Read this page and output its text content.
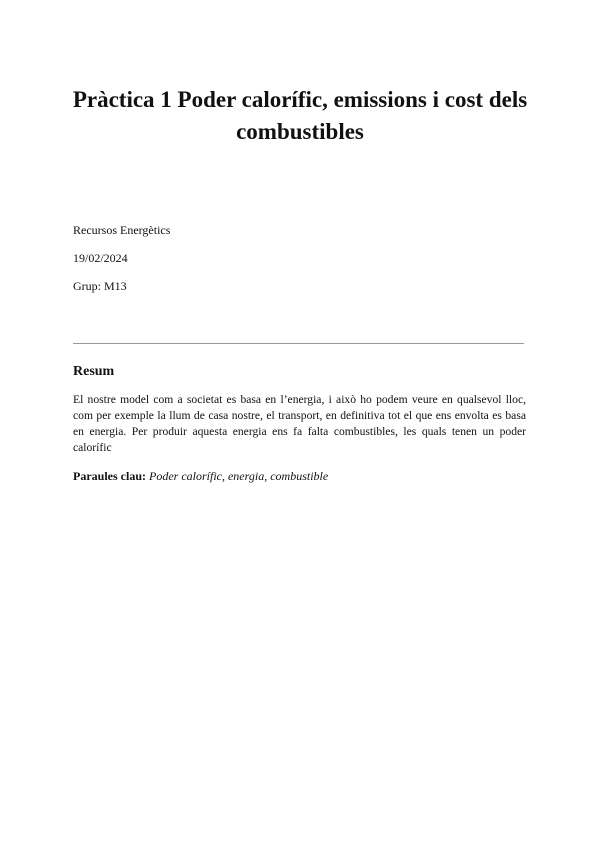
Pràctica 1 Poder calorífic, emissions i cost dels combustibles

Recursos Energètics

19/02/2024

Grup: M13

Resum

El nostre model com a societat es basa en l’energia, i això ho podem veure en qualsevol lloc, com per exemple la llum de casa nostre, el transport, en definitiva tot el que ens envolta es basa en energia. Per produir aquesta energia ens fa falta combustibles, les quals tenen un poder calorífic

Paraules clau: Poder calorífic, energia, combustible
